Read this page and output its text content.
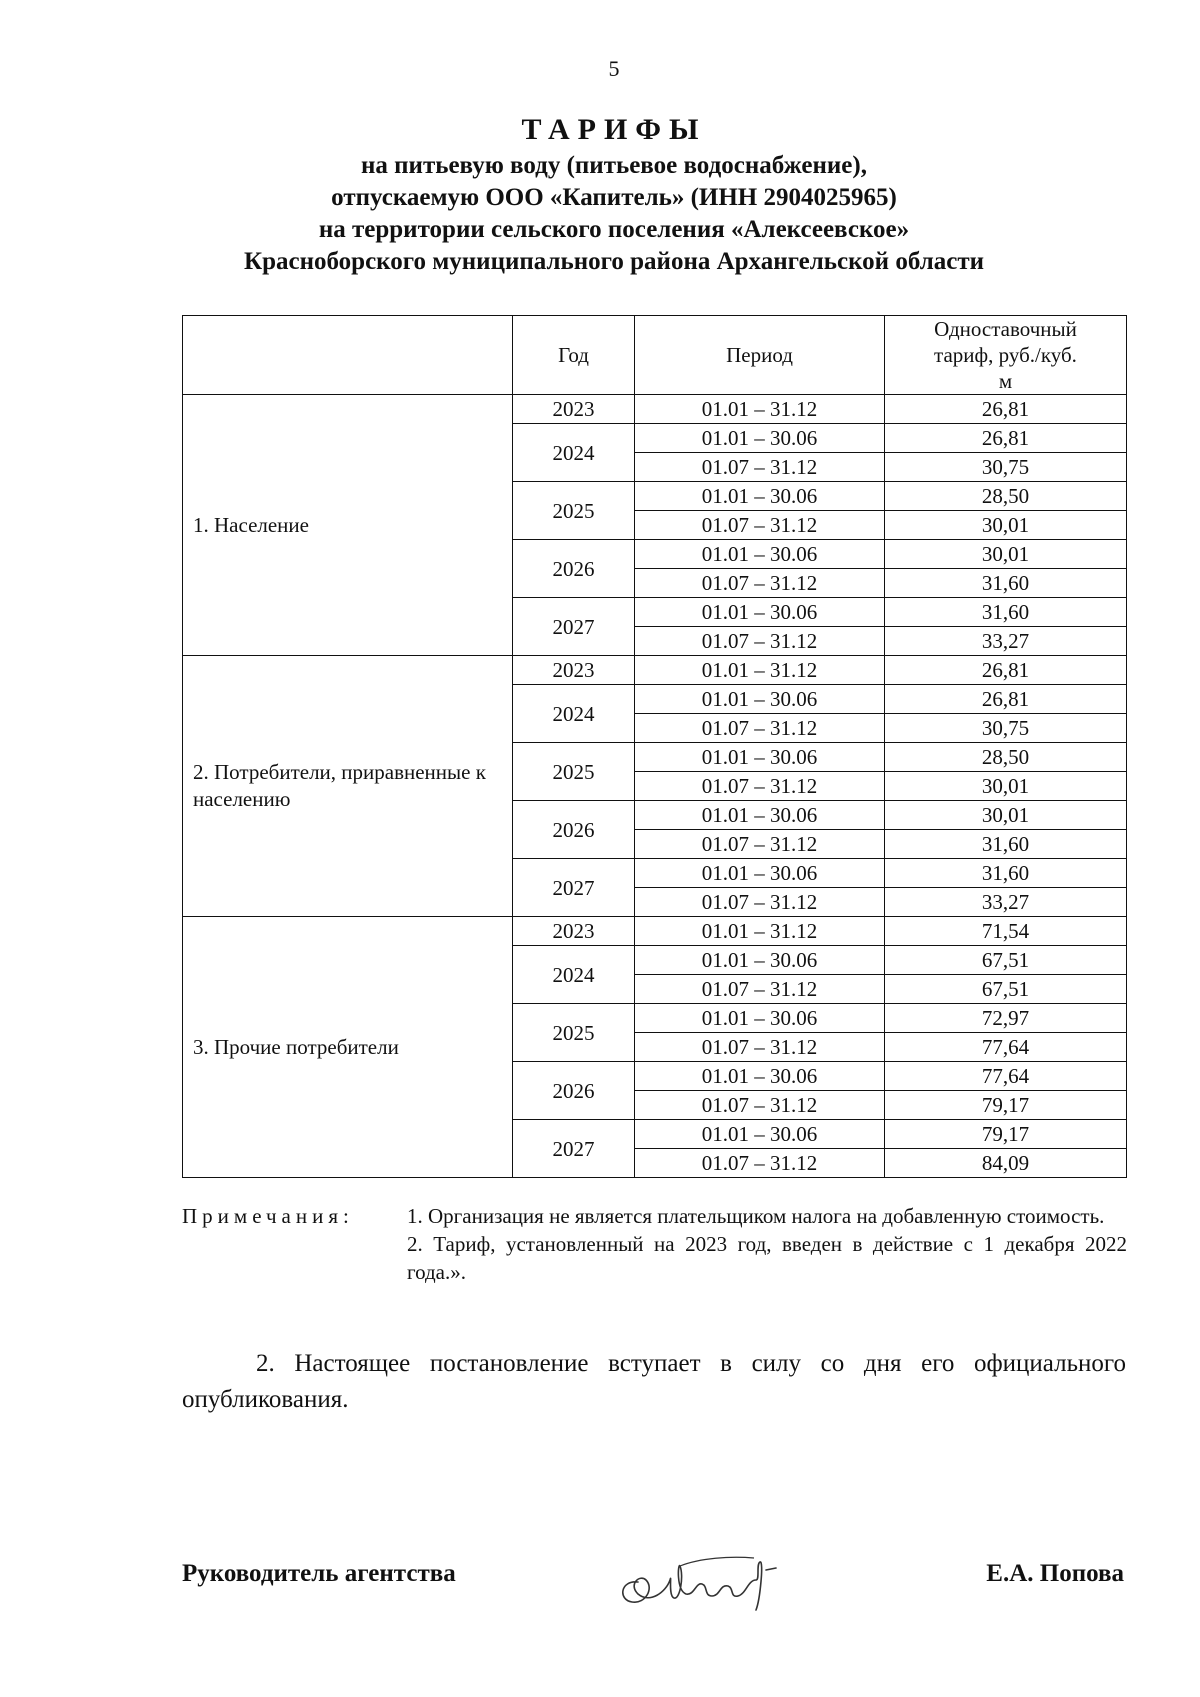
5
ТАРИФЫ
на питьевую воду (питьевое водоснабжение),
отпускаемую ООО «Капитель» (ИНН 2904025965)
на территории сельского поселения «Алексеевское»
Красноборского муниципального района Архангельской области
	Год	Период	Одноставочный тариф, руб./куб. м
1. Население	2023	01.01 – 31.12	26,81
	2024	01.01 – 30.06	26,81
		01.07 – 31.12	30,75
	2025	01.01 – 30.06	28,50
		01.07 – 31.12	30,01
	2026	01.01 – 30.06	30,01
		01.07 – 31.12	31,60
	2027	01.01 – 30.06	31,60
		01.07 – 31.12	33,27
2. Потребители, приравненные к населению	2023	01.01 – 31.12	26,81
	2024	01.01 – 30.06	26,81
		01.07 – 31.12	30,75
	2025	01.01 – 30.06	28,50
		01.07 – 31.12	30,01
	2026	01.01 – 30.06	30,01
		01.07 – 31.12	31,60
	2027	01.01 – 30.06	31,60
		01.07 – 31.12	33,27
3. Прочие потребители	2023	01.01 – 31.12	71,54
	2024	01.01 – 30.06	67,51
		01.07 – 31.12	67,51
	2025	01.01 – 30.06	72,97
		01.07 – 31.12	77,64
	2026	01.01 – 30.06	77,64
		01.07 – 31.12	79,17
	2027	01.01 – 30.06	79,17
		01.07 – 31.12	84,09
Примечания:	1. Организация не является плательщиком налога на добавленную стоимость.
2. Тариф, установленный на 2023 год, введен в действие с 1 декабря 2022 года.».
2. Настоящее постановление вступает в силу со дня его официального опубликования.
Руководитель агентства	Е.А. Попова
